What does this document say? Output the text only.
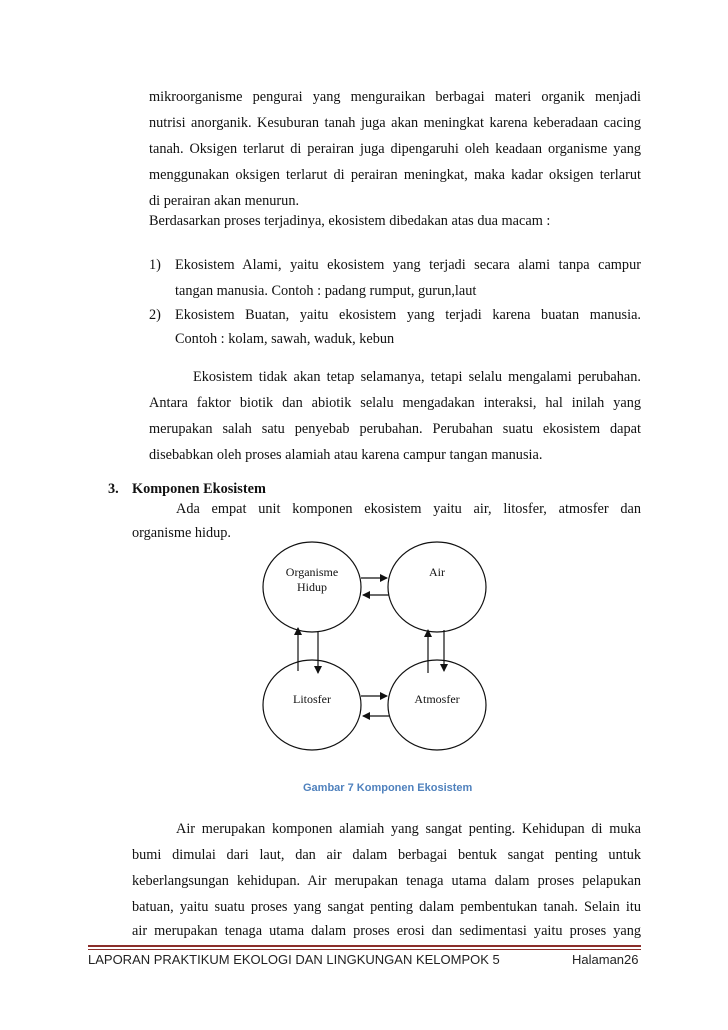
mikroorganisme pengurai yang menguraikan berbagai materi organik menjadi
nutrisi anorganik. Kesuburan tanah juga akan meningkat karena keberadaan cacing
tanah. Oksigen terlarut di perairan juga dipengaruhi oleh keadaan organisme yang
menggunakan oksigen terlarut di perairan meningkat, maka kadar oksigen terlarut
di perairan akan menurun.
Berdasarkan proses terjadinya, ekosistem dibedakan atas dua macam :
1) Ekosistem Alami, yaitu ekosistem yang terjadi secara alami tanpa campur
tangan manusia. Contoh : padang rumput, gurun,laut
2) Ekosistem Buatan, yaitu ekosistem yang terjadi karena buatan manusia.
Contoh : kolam, sawah, waduk, kebun
Ekosistem tidak akan tetap selamanya, tetapi selalu mengalami perubahan.
Antara faktor biotik dan abiotik selalu mengadakan interaksi, hal inilah yang
merupakan salah satu penyebab perubahan. Perubahan suatu ekosistem dapat
disebabkan oleh proses alamiah atau karena campur tangan manusia.
3. Komponen Ekosistem
Ada empat unit komponen ekosistem yaitu air, litosfer, atmosfer dan
organisme hidup.
Organisme
Hidup
Air
Litosfer	Atmosfer
Gambar 7 Komponen Ekosistem
Air merupakan komponen alamiah yang sangat penting. Kehidupan di muka
bumi dimulai dari laut, dan air dalam berbagai bentuk sangat penting untuk
keberlangsungan kehidupan. Air merupakan tenaga utama dalam proses pelapukan
batuan, yaitu suatu proses yang sangat penting dalam pembentukan tanah. Selain itu
air merupakan tenaga utama dalam proses erosi dan sedimentasi yaitu proses yang
LAPORAN PRAKTIKUM EKOLOGI DAN LINGKUNGAN KELOMPOK 5	Halaman26
